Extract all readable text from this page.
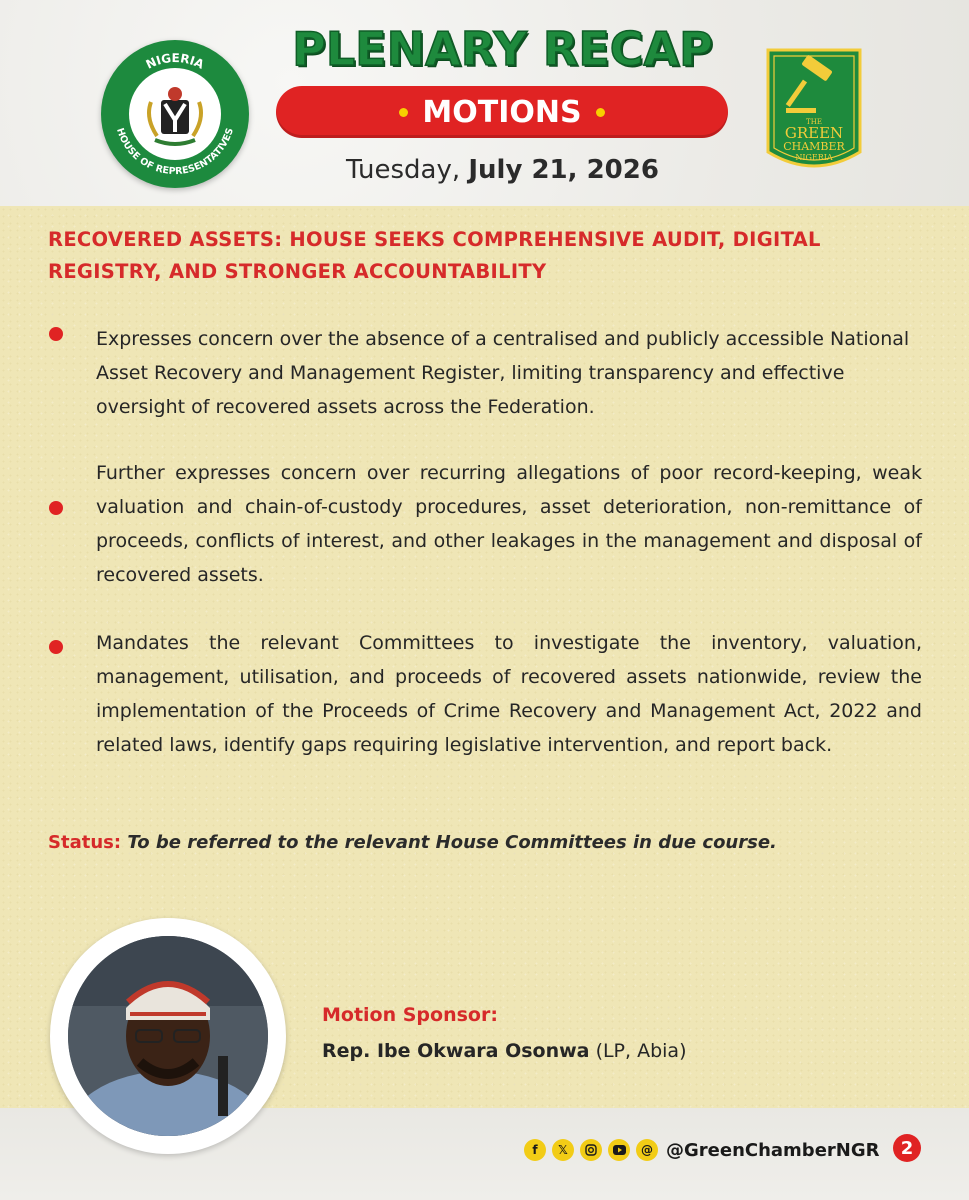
NIGERIA
HOUSE OF REPRESENTATIVES
PLENARY RECAP
MOTIONS
Tuesday, July 21, 2026
THE
GREEN
CHAMBER
NIGERIA
RECOVERED ASSETS: HOUSE SEEKS COMPREHENSIVE AUDIT, DIGITAL
REGISTRY, AND STRONGER ACCOUNTABILITY
Expresses concern over the absence of a centralised and publicly accessible National Asset Recovery and Management Register, limiting transparency and effective oversight of recovered assets across the Federation.
Further expresses concern over recurring allegations of poor record-keeping, weak valuation and chain-of-custody procedures, asset deterioration, non-remittance of proceeds, conflicts of interest, and other leakages in the management and disposal of recovered assets.
Mandates the relevant Committees to investigate the inventory, valuation, management, utilisation, and proceeds of recovered assets nationwide, review the implementation of the Proceeds of Crime Recovery and Management Act, 2022 and related laws, identify gaps requiring legislative intervention, and report back.
Status: To be referred to the relevant House Committees in due course.
Motion Sponsor:
Rep. Ibe Okwara Osonwa (LP, Abia)
f	𝕏	@ @GreenChamberNGR	2
